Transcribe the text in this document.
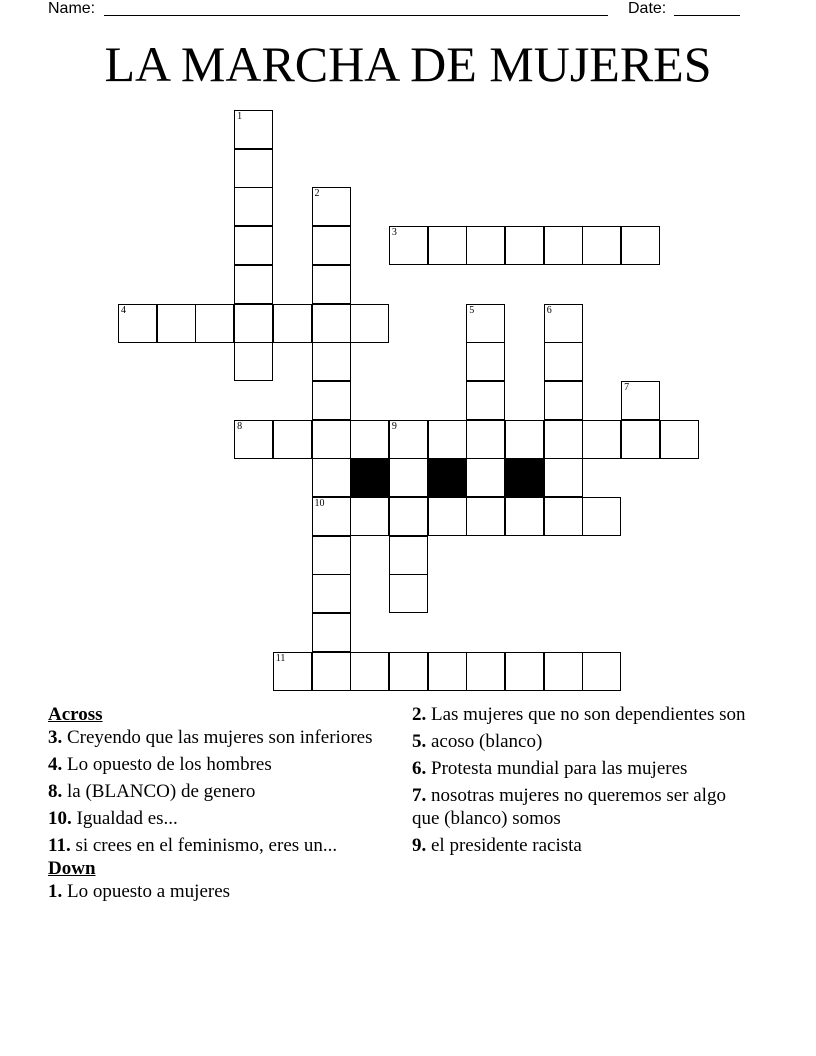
Name:	Date:
LA MARCHA DE MUJERES
3
4
8	9
10
11
1
2
5	6
7

Across

3. Creyendo que las mujeres son inferiores

4. Lo opuesto de los hombres

8. la (BLANCO) de genero

10. Igualdad es...

11. si crees en el feminismo, eres un...

Down

1. Lo opuesto a mujeres

2. Las mujeres que no son dependientes son

5. acoso (blanco)

6. Protesta mundial para las mujeres

7. nosotras mujeres no queremos ser algo que (blanco) somos

9. el presidente racista
